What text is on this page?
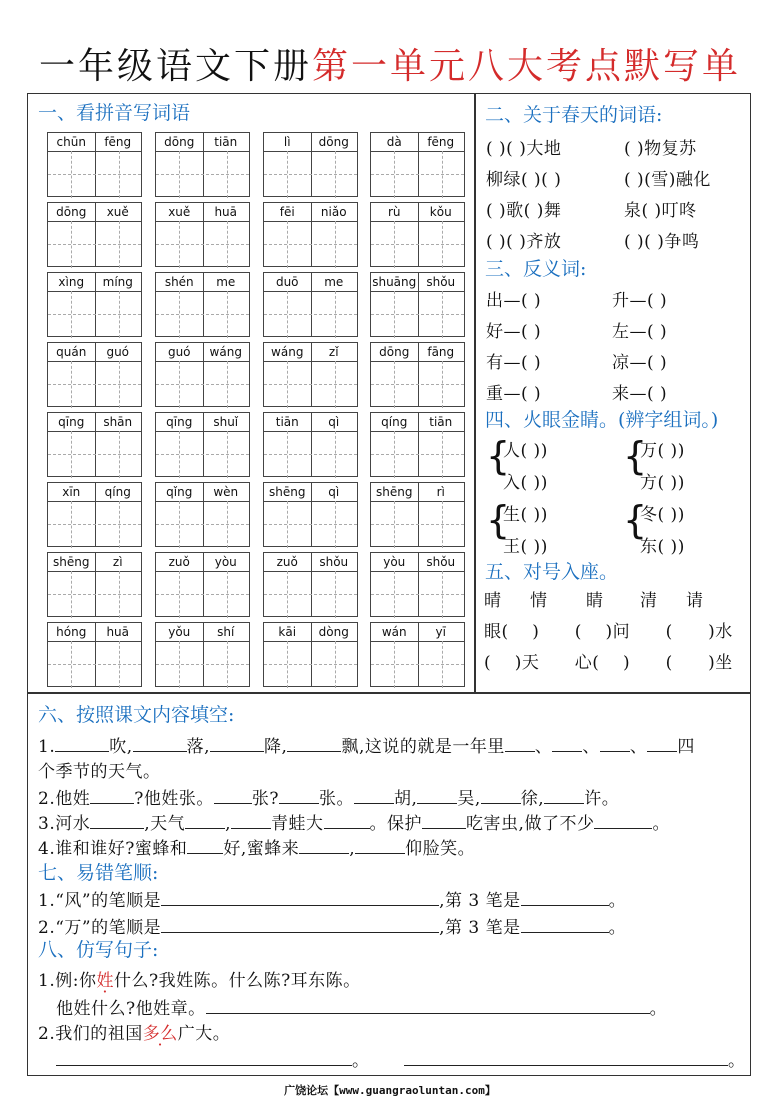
一年级语文下册第一单元八大考点默写单
一、看拼音写词语
chūn	fēng	dōng	tiān	lì	dōng	dà	fēng
dōng	xuě	xuě	huā	fēi	niǎo	rù	kǒu
xìng	míng	shén	me	duō	me	shuāng shǒu
quán	guó	guó	wáng	wáng	zǐ	dōng	fāng
qīng	shān	qīng	shuǐ	tiān	qì	qíng	tiān
xīn	qíng	qǐng	wèn	shēng	qì	shēng	rì
shēng	zì	zuǒ	yòu	zuǒ	shǒu	yòu	shǒu
hóng	huā	yǒu	shí	kāi	dòng	wán	yī
二、关于春天的词语:
( )( )大地	( )物复苏
柳绿( )( )	( )(雪)融化
( )歌( )舞	泉( )叮咚
( )( )齐放	( )( )争鸣
三、反义词:
出—( )	升—( )
好—( )	左—( )
有—( )	凉—( )
重—( )	来—( )
四、火眼金睛。(辨字组词。)
{
人( ))
入( ))
{
万( ))
方( ))
{
生( ))
王( ))
{
冬( ))
东( ))
五、对号入座。
晴 情 睛 清 请
眼(    )      (    )问      (      )水
(    )天      心(    )      (      )坐
六、按照课文内容填空:
1.	吹,	落,	降,	飘,这说的就是一年里 、 、 、 四
个季节的天气。
2.他姓	?他姓张。 张? 张。 胡, 吴, 徐, 许。
3.河水	,天气 , 青蛙大	。保护	吃害虫,做了不少	。
4.谁和谁好?蜜蜂和 好,蜜蜂来	,	仰脸笑。
七、易错笔顺:
1.“风”的笔顺是	,第 3 笔是	。
2.“万”的笔顺是	,第 3 笔是	。
八、仿写句子:
1.例:你姓什么?我姓陈。什么陈?耳东陈。
他姓什么?他姓章。	。
2.我们的祖国多么广大。
。	。
广饶论坛【www.guangraoluntan.com】
